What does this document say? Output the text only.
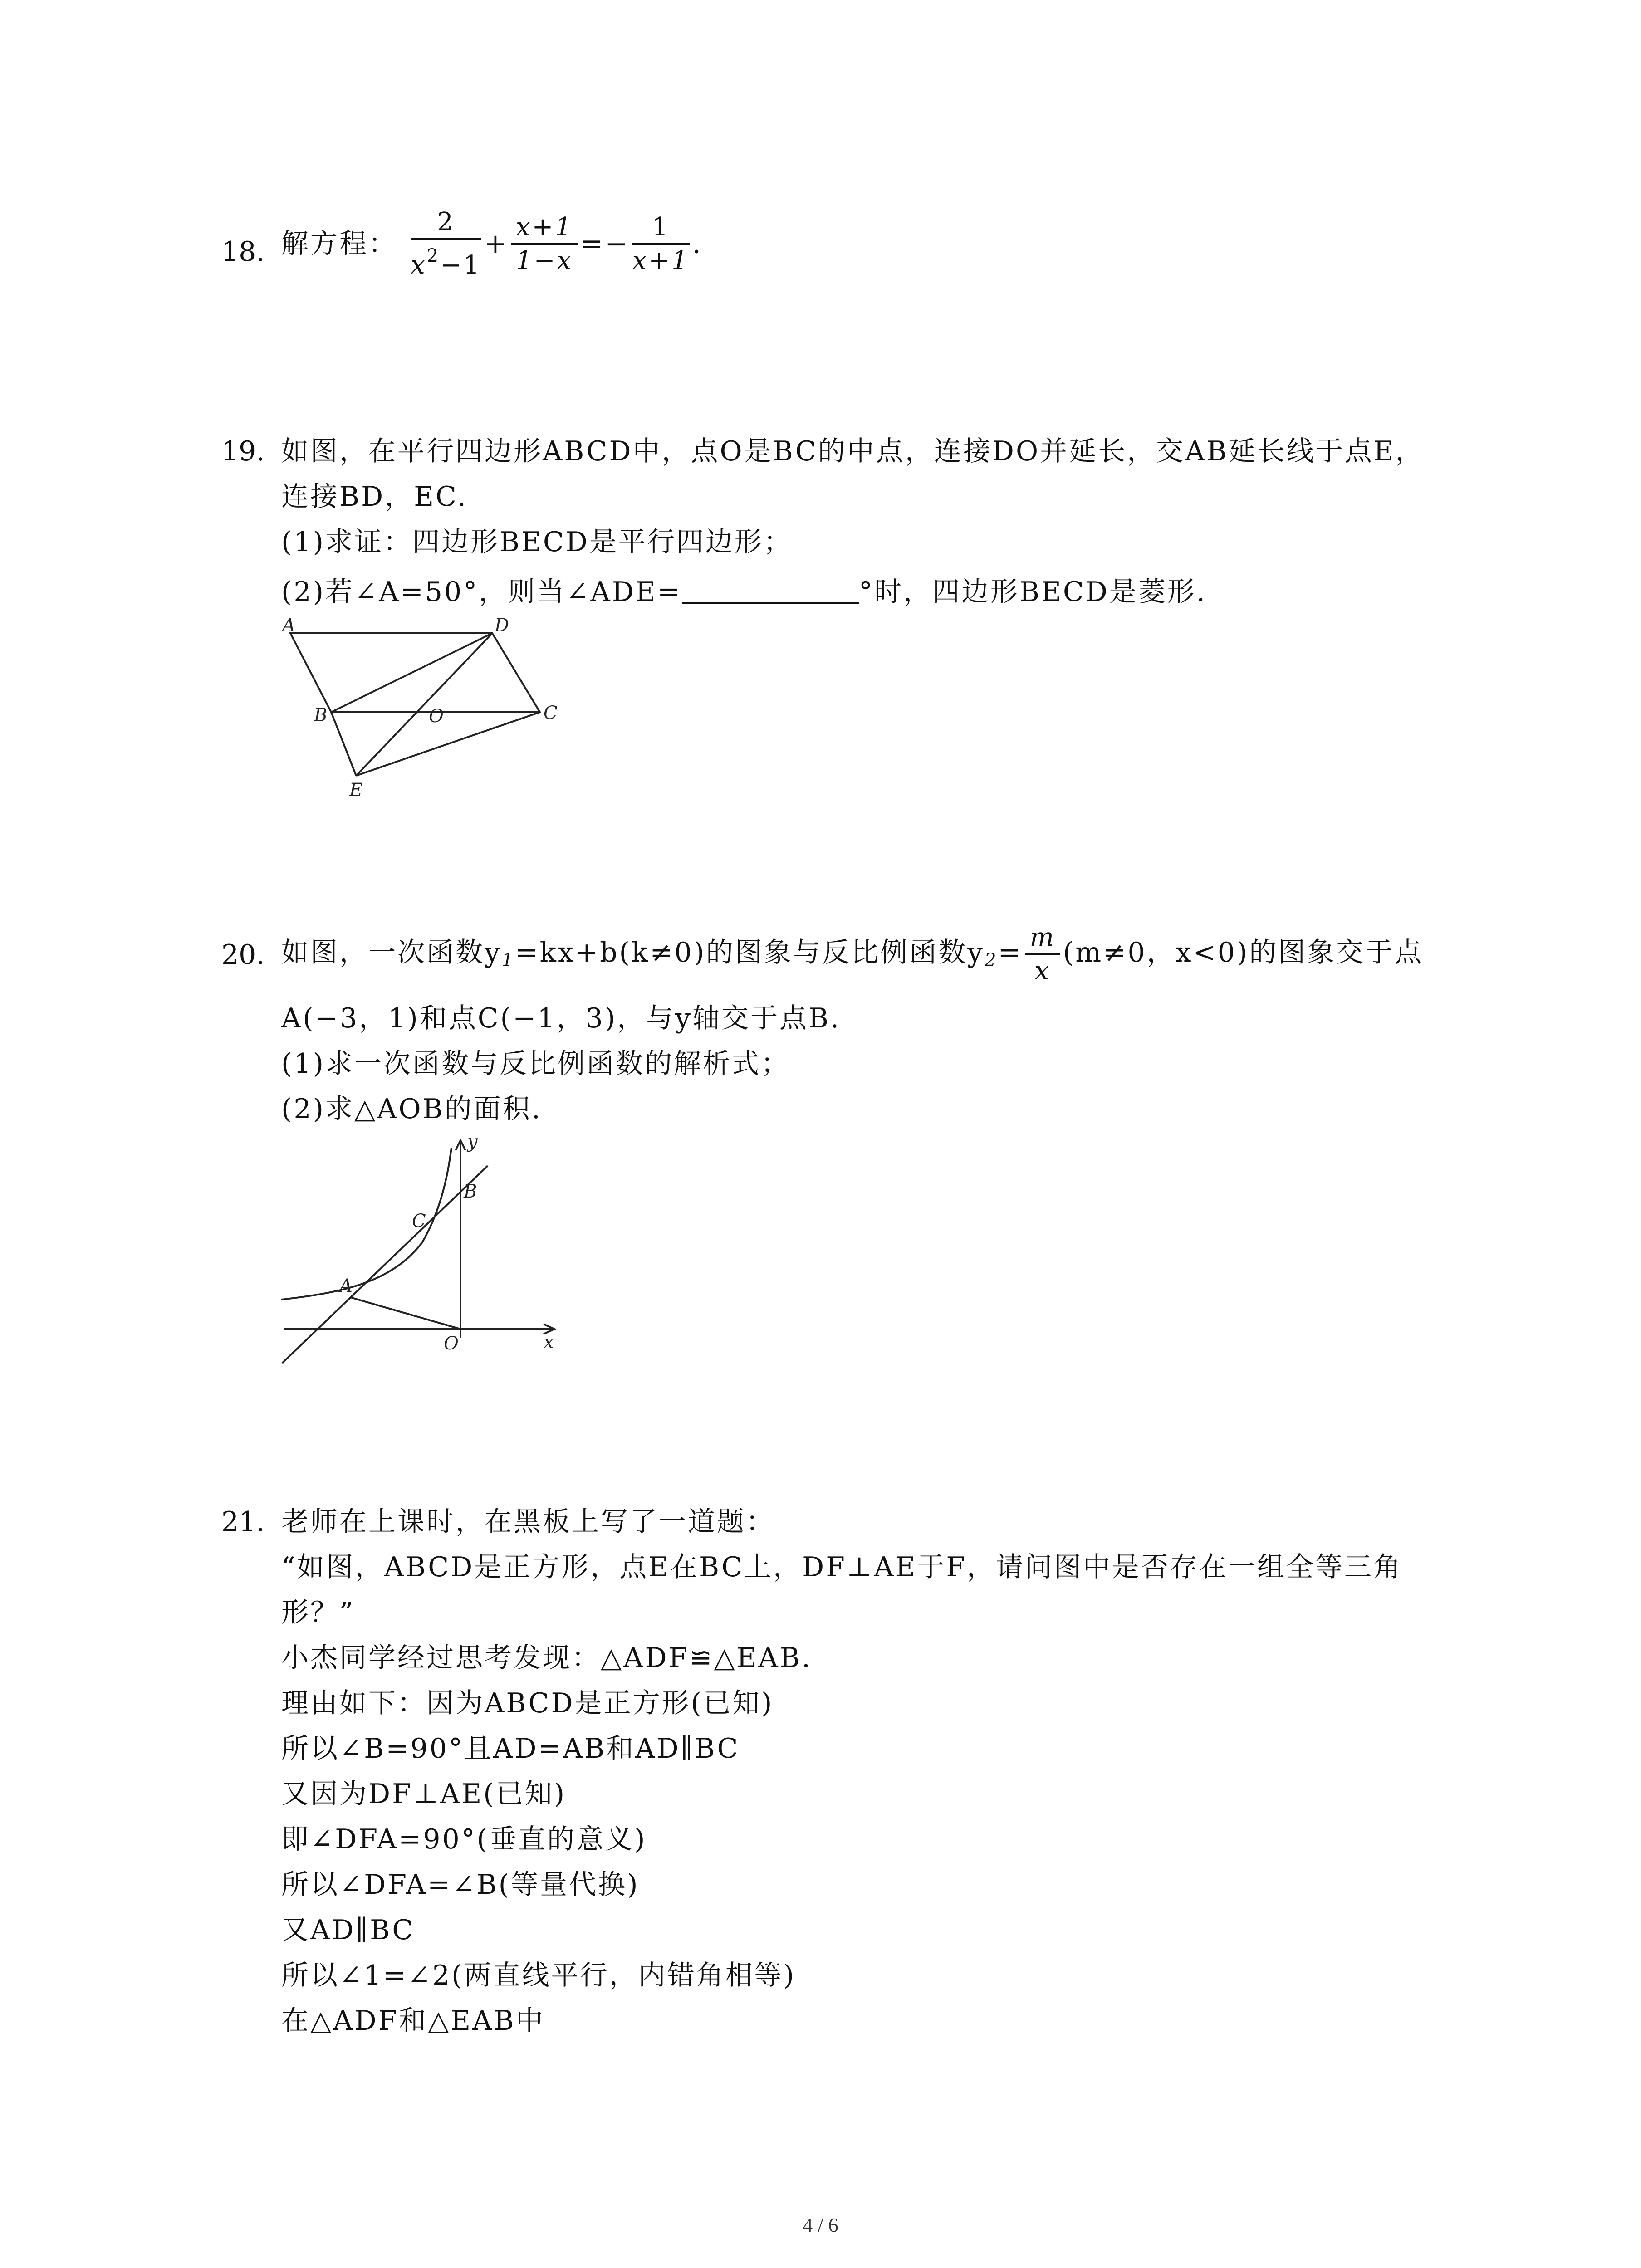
18. 解方程： $\frac{2}{x^2-1} + \frac{x+1}{1-x} =- \frac{1}{x+1}$ .
19. 如图，在平行四边形ABCD中，点O是BC的中点，连接DO并延长，交AB延长线于点E，
连接BD，EC.
(1)求证：四边形BECD是平行四边形；
(2)若∠A=50°，则当∠ADE=	°时，四边形BECD是菱形.
A	D
B	C
O
E
20. 如图，一次函数$y_1=kx+b(k\ne 0)$的图象与反比例函数$y_2= \frac{m}{x} (m\ne 0$，x<0)的图象交于点
A(−3，1)和点C(−1，3)，与y轴交于点B.
(1)求一次函数与反比例函数的解析式；
(2)求△AOB的面积.
y
B
C
A
O	x
21. 老师在上课时，在黑板上写了一道题：
“如图，ABCD是正方形，点E在BC上，DF⊥AE于F，请问图中是否存在一组全等三角
形？”
小杰同学经过思考发现：△ADF≌△EAB.
理由如下：因为ABCD是正方形(已知)
所以∠B=90°且AD=AB和AD∥BC
又因为DF⊥AE(已知)
即∠DFA=90°(垂直的意义)
所以∠DFA=∠B(等量代换)
又AD∥BC
所以∠1=∠2(两直线平行，内错角相等)
在△ADF和△EAB中
4 / 6
